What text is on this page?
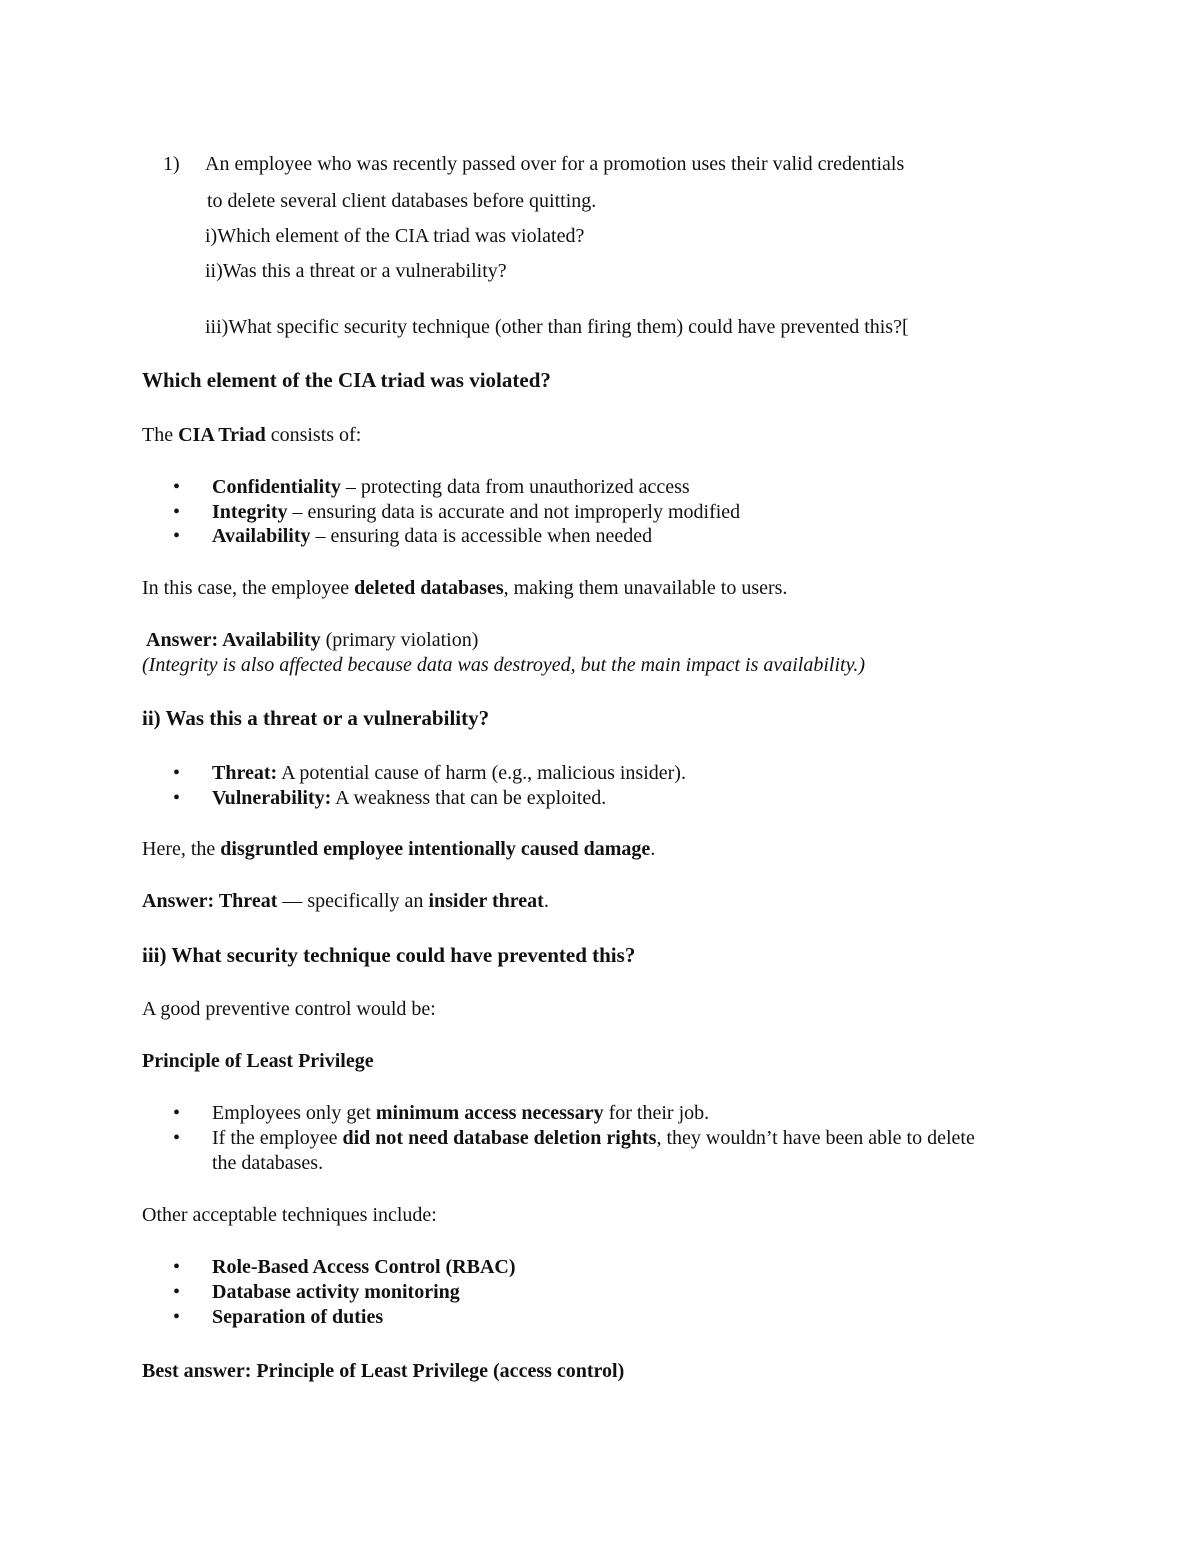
1) An employee who was recently passed over for a promotion uses their valid credentials
to delete several client databases before quitting.
i)Which element of the CIA triad was violated?
ii)Was this a threat or a vulnerability?
iii)What specific security technique (other than firing them) could have prevented this?[
Which element of the CIA triad was violated?
The CIA Triad consists of:
• Confidentiality – protecting data from unauthorized access
• Integrity – ensuring data is accurate and not improperly modified
• Availability – ensuring data is accessible when needed
In this case, the employee deleted databases, making them unavailable to users.
Answer: Availability (primary violation)
(Integrity is also affected because data was destroyed, but the main impact is availability.)
ii) Was this a threat or a vulnerability?
• Threat: A potential cause of harm (e.g., malicious insider).
• Vulnerability: A weakness that can be exploited.
Here, the disgruntled employee intentionally caused damage.
Answer: Threat — specifically an insider threat.
iii) What security technique could have prevented this?
A good preventive control would be:
Principle of Least Privilege
• Employees only get minimum access necessary for their job.
• If the employee did not need database deletion rights, they wouldn’t have been able to delete
the databases.
Other acceptable techniques include:
• Role-Based Access Control (RBAC)
• Database activity monitoring
• Separation of duties
Best answer: Principle of Least Privilege (access control)
